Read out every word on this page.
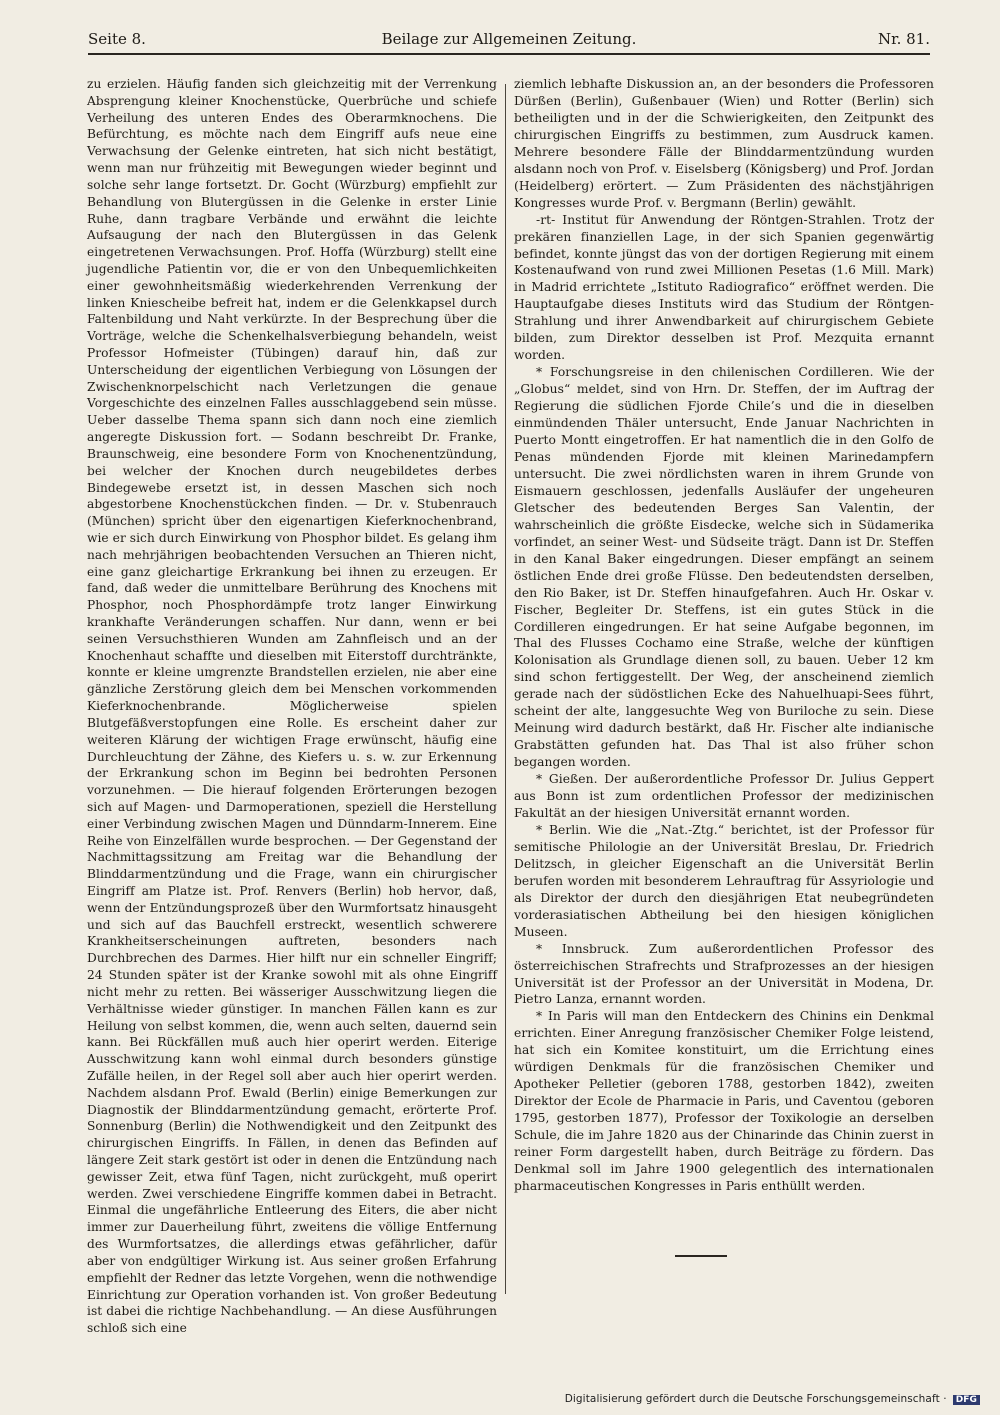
Beilage zur Allgemeinen Zeitung.
Seite 8.	Nr. 81.

zu erzielen. Häufig fanden sich gleichzeitig mit der Verrenkung Absprengung kleiner Knochenstücke, Querbrüche und schiefe Verheilung des unteren Endes des Oberarmknochens. Die Befürchtung, es möchte nach dem Eingriff aufs neue eine Verwachsung der Gelenke eintreten, hat sich nicht bestätigt, wenn man nur frühzeitig mit Bewegungen wieder beginnt und solche sehr lange fortsetzt. Dr. Gocht (Würzburg) empfiehlt zur Behandlung von Blutergüssen in die Gelenke in erster Linie Ruhe, dann tragbare Verbände und erwähnt die leichte Aufsaugung der nach den Blutergüssen in das Gelenk eingetretenen Verwachsungen. Prof. Hoffa (Würzburg) stellt eine jugendliche Patientin vor, die er von den Unbequemlichkeiten einer gewohnheitsmäßig wiederkehrenden Verrenkung der linken Kniescheibe befreit hat, indem er die Gelenkkapsel durch Faltenbildung und Naht verkürzte. In der Besprechung über die Vorträge, welche die Schenkelhalsverbiegung behandeln, weist Professor Hofmeister (Tübingen) darauf hin, daß zur Unterscheidung der eigentlichen Verbiegung von Lösungen der Zwischenknorpelschicht nach Verletzungen die genaue Vorgeschichte des einzelnen Falles ausschlaggebend sein müsse. Ueber dasselbe Thema spann sich dann noch eine ziemlich angeregte Diskussion fort. — Sodann beschreibt Dr. Franke, Braunschweig, eine besondere Form von Knochenentzündung, bei welcher der Knochen durch neugebildetes derbes Bindegewebe ersetzt ist, in dessen Maschen sich noch abgestorbene Knochenstückchen finden. — Dr. v. Stubenrauch (München) spricht über den eigenartigen Kieferknochenbrand, wie er sich durch Einwirkung von Phosphor bildet. Es gelang ihm nach mehrjährigen beobachtenden Versuchen an Thieren nicht, eine ganz gleichartige Erkrankung bei ihnen zu erzeugen. Er fand, daß weder die unmittelbare Berührung des Knochens mit Phosphor, noch Phosphordämpfe trotz langer Einwirkung krankhafte Veränderungen schaffen. Nur dann, wenn er bei seinen Versuchsthieren Wunden am Zahnfleisch und an der Knochenhaut schaffte und dieselben mit Eiterstoff durchtränkte, konnte er kleine umgrenzte Brandstellen erzielen, nie aber eine gänzliche Zerstörung gleich dem bei Menschen vorkommenden Kieferknochenbrande. Möglicherweise spielen Blutgefäßverstopfungen eine Rolle. Es erscheint daher zur weiteren Klärung der wichtigen Frage erwünscht, häufig eine Durchleuchtung der Zähne, des Kiefers u. s. w. zur Erkennung der Erkrankung schon im Beginn bei bedrohten Personen vorzunehmen. — Die hierauf folgenden Erörterungen bezogen sich auf Magen- und Darmoperationen, speziell die Herstellung einer Verbindung zwischen Magen und Dünndarm-Innerem. Eine Reihe von Einzelfällen wurde besprochen. — Der Gegenstand der Nachmittagssitzung am Freitag war die Behandlung der Blinddarmentzündung und die Frage, wann ein chirurgischer Eingriff am Platze ist. Prof. Renvers (Berlin) hob hervor, daß, wenn der Entzündungsprozeß über den Wurmfortsatz hinausgeht und sich auf das Bauchfell erstreckt, wesentlich schwerere Krankheitserscheinungen auftreten, besonders nach Durchbrechen des Darmes. Hier hilft nur ein schneller Eingriff; 24 Stunden später ist der Kranke sowohl mit als ohne Eingriff nicht mehr zu retten. Bei wässeriger Ausschwitzung liegen die Verhältnisse wieder günstiger. In manchen Fällen kann es zur Heilung von selbst kommen, die, wenn auch selten, dauernd sein kann. Bei Rückfällen muß auch hier operirt werden. Eiterige Ausschwitzung kann wohl einmal durch besonders günstige Zufälle heilen, in der Regel soll aber auch hier operirt werden. Nachdem alsdann Prof. Ewald (Berlin) einige Bemerkungen zur Diagnostik der Blinddarmentzündung gemacht, erörterte Prof. Sonnenburg (Berlin) die Nothwendigkeit und den Zeitpunkt des chirurgischen Eingriffs. In Fällen, in denen das Befinden auf längere Zeit stark gestört ist oder in denen die Entzündung nach gewisser Zeit, etwa fünf Tagen, nicht zurückgeht, muß operirt werden. Zwei verschiedene Eingriffe kommen dabei in Betracht. Einmal die ungefährliche Entleerung des Eiters, die aber nicht immer zur Dauerheilung führt, zweitens die völlige Entfernung des Wurmfortsatzes, die allerdings etwas gefährlicher, dafür aber von endgültiger Wirkung ist. Aus seiner großen Erfahrung empfiehlt der Redner das letzte Vorgehen, wenn die nothwendige Einrichtung zur Operation vorhanden ist. Von großer Bedeutung ist dabei die richtige Nachbehandlung. — An diese Ausführungen schloß sich eine

ziemlich lebhafte Diskussion an, an der besonders die Professoren Dürßen (Berlin), Gußenbauer (Wien) und Rotter (Berlin) sich betheiligten und in der die Schwierigkeiten, den Zeitpunkt des chirurgischen Eingriffs zu bestimmen, zum Ausdruck kamen. Mehrere besondere Fälle der Blinddarmentzündung wurden alsdann noch von Prof. v. Eiselsberg (Königsberg) und Prof. Jordan (Heidelberg) erörtert. — Zum Präsidenten des nächstjährigen Kongresses wurde Prof. v. Bergmann (Berlin) gewählt.

-rt- Institut für Anwendung der Röntgen-Strahlen. Trotz der prekären finanziellen Lage, in der sich Spanien gegenwärtig befindet, konnte jüngst das von der dortigen Regierung mit einem Kostenaufwand von rund zwei Millionen Pesetas (1.6 Mill. Mark) in Madrid errichtete „Istituto Radiografico“ eröffnet werden. Die Hauptaufgabe dieses Instituts wird das Studium der Röntgen-Strahlung und ihrer Anwendbarkeit auf chirurgischem Gebiete bilden, zum Direktor desselben ist Prof. Mezquita ernannt worden.

* Forschungsreise in den chilenischen Cordilleren. Wie der „Globus“ meldet, sind von Hrn. Dr. Steffen, der im Auftrag der Regierung die südlichen Fjorde Chile’s und die in dieselben einmündenden Thäler untersucht, Ende Januar Nachrichten in Puerto Montt eingetroffen. Er hat namentlich die in den Golfo de Penas mündenden Fjorde mit kleinen Marinedampfern untersucht. Die zwei nördlichsten waren in ihrem Grunde von Eismauern geschlossen, jedenfalls Ausläufer der ungeheuren Gletscher des bedeutenden Berges San Valentin, der wahrscheinlich die größte Eisdecke, welche sich in Südamerika vorfindet, an seiner West- und Südseite trägt. Dann ist Dr. Steffen in den Kanal Baker eingedrungen. Dieser empfängt an seinem östlichen Ende drei große Flüsse. Den bedeutendsten derselben, den Rio Baker, ist Dr. Steffen hinaufgefahren. Auch Hr. Oskar v. Fischer, Begleiter Dr. Steffens, ist ein gutes Stück in die Cordilleren eingedrungen. Er hat seine Aufgabe begonnen, im Thal des Flusses Cochamo eine Straße, welche der künftigen Kolonisation als Grundlage dienen soll, zu bauen. Ueber 12 km sind schon fertiggestellt. Der Weg, der anscheinend ziemlich gerade nach der südöstlichen Ecke des Nahuelhuapi-Sees führt, scheint der alte, langgesuchte Weg von Buriloche zu sein. Diese Meinung wird dadurch bestärkt, daß Hr. Fischer alte indianische Grabstätten gefunden hat. Das Thal ist also früher schon begangen worden.

* Gießen. Der außerordentliche Professor Dr. Julius Geppert aus Bonn ist zum ordentlichen Professor der medizinischen Fakultät an der hiesigen Universität ernannt worden.

* Berlin. Wie die „Nat.-Ztg.“ berichtet, ist der Professor für semitische Philologie an der Universität Breslau, Dr. Friedrich Delitzsch, in gleicher Eigenschaft an die Universität Berlin berufen worden mit besonderem Lehrauftrag für Assyriologie und als Direktor der durch den diesjährigen Etat neubegründeten vorderasiatischen Abtheilung bei den hiesigen königlichen Museen.

* Innsbruck. Zum außerordentlichen Professor des österreichischen Strafrechts und Strafprozesses an der hiesigen Universität ist der Professor an der Universität in Modena, Dr. Pietro Lanza, ernannt worden.

* In Paris will man den Entdeckern des Chinins ein Denkmal errichten. Einer Anregung französischer Chemiker Folge leistend, hat sich ein Komitee konstituirt, um die Errichtung eines würdigen Denkmals für die französischen Chemiker und Apotheker Pelletier (geboren 1788, gestorben 1842), zweiten Direktor der Ecole de Pharmacie in Paris, und Caventou (geboren 1795, gestorben 1877), Professor der Toxikologie an derselben Schule, die im Jahre 1820 aus der Chinarinde das Chinin zuerst in reiner Form dargestellt haben, durch Beiträge zu fördern. Das Denkmal soll im Jahre 1900 gelegentlich des internationalen pharmaceutischen Kongresses in Paris enthüllt werden.

Digitalisierung gefördert durch die Deutsche Forschungsgemeinschaft · DFG
